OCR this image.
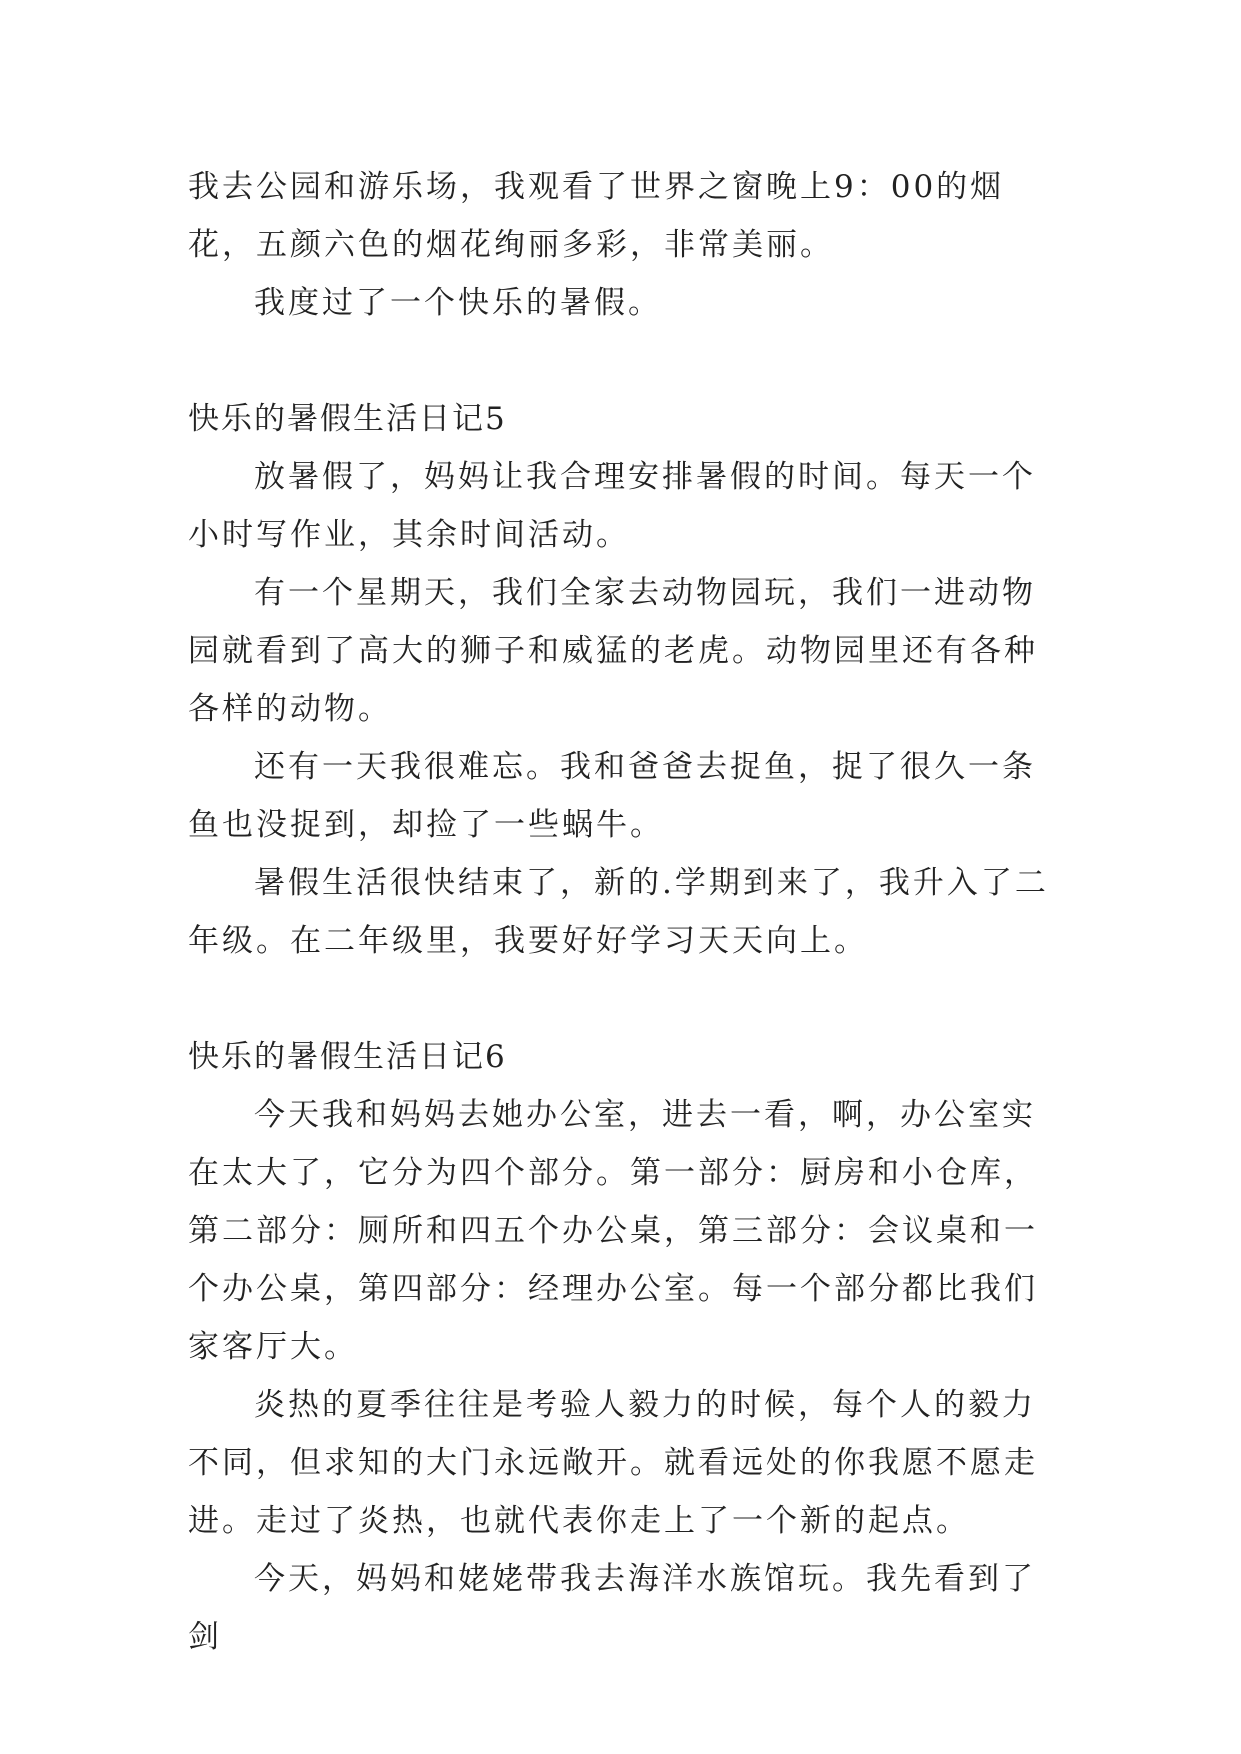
我去公园和游乐场，我观看了世界之窗晚上9：00的烟花，五颜六色的烟花绚丽多彩，非常美丽。

我度过了一个快乐的暑假。

快乐的暑假生活日记5

放暑假了，妈妈让我合理安排暑假的时间。每天一个小时写作业，其余时间活动。

有一个星期天，我们全家去动物园玩，我们一进动物园就看到了高大的狮子和威猛的老虎。动物园里还有各种各样的动物。

还有一天我很难忘。我和爸爸去捉鱼，捉了很久一条鱼也没捉到，却捡了一些蜗牛。

暑假生活很快结束了，新的.学期到来了，我升入了二年级。在二年级里，我要好好学习天天向上。

快乐的暑假生活日记6

今天我和妈妈去她办公室，进去一看，啊，办公室实在太大了，它分为四个部分。第一部分：厨房和小仓库，第二部分：厕所和四五个办公桌，第三部分：会议桌和一个办公桌，第四部分：经理办公室。每一个部分都比我们家客厅大。

炎热的夏季往往是考验人毅力的时候，每个人的毅力不同，但求知的大门永远敞开。就看远处的你我愿不愿走进。走过了炎热，也就代表你走上了一个新的起点。

今天，妈妈和姥姥带我去海洋水族馆玩。我先看到了剑
